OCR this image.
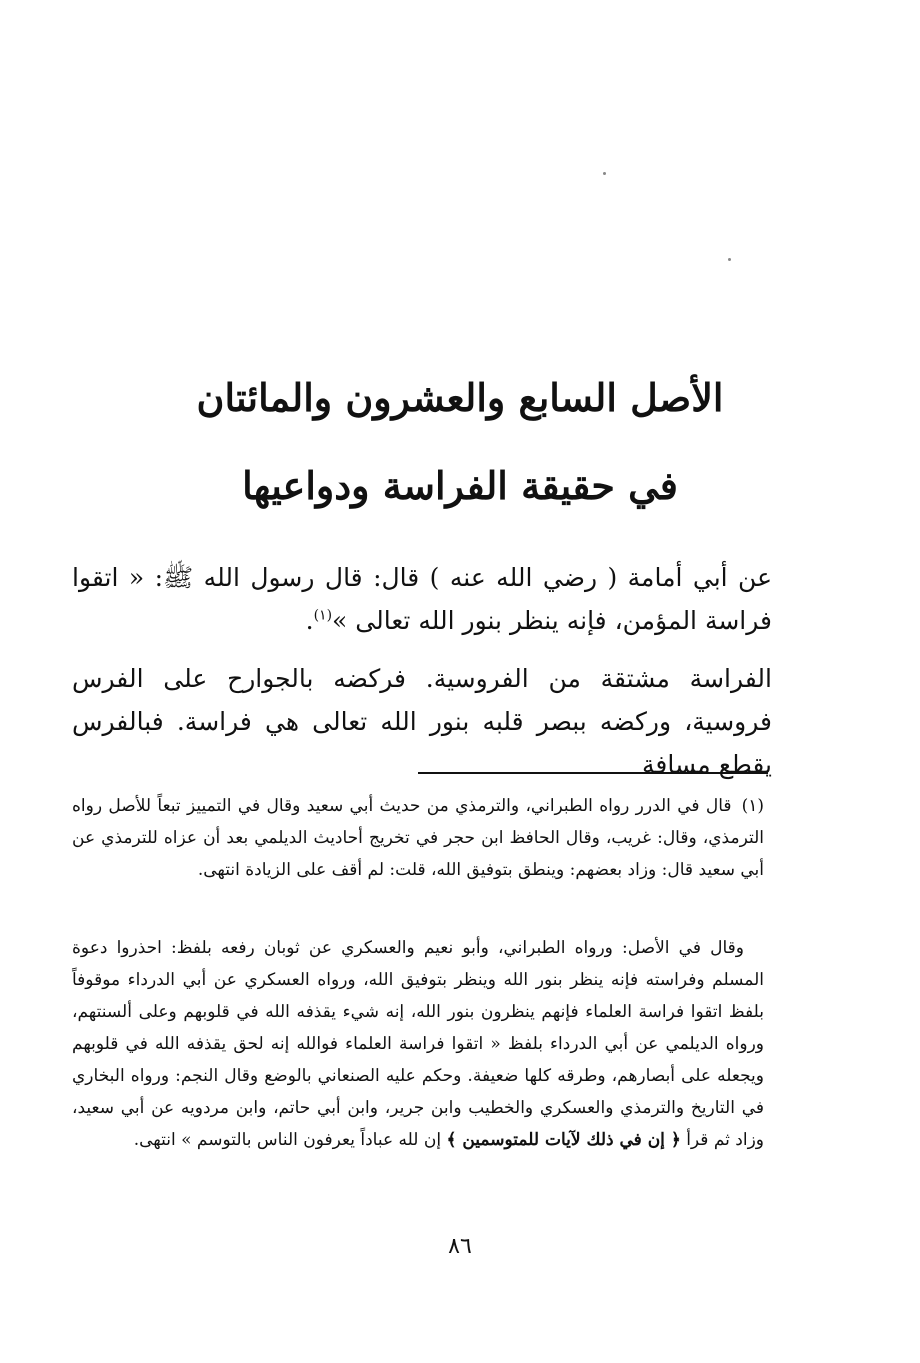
الأصل السابع والعشرون والمائتان
في حقيقة الفراسة ودواعيها

عن أبي أمامة ( رضي الله عنه ) قال: قال رسول الله ﷺ: « اتقوا فراسة المؤمن، فإنه ينظر بنور الله تعالى »$^{(١)}$.

الفراسة مشتقة من الفروسية. فركضه بالجوارح على الفرس فروسية، وركضه ببصر قلبه بنور الله تعالى هي فراسة. فبالفرس يقطع مسافة

(١)قال في الدرر رواه الطبراني، والترمذي من حديث أبي سعيد وقال في التمييز تبعاً للأصل رواه الترمذي، وقال: غريب، وقال الحافظ ابن حجر في تخريج أحاديث الديلمي بعد أن عزاه للترمذي عن أبي سعيد قال: وزاد بعضهم: وينطق بتوفيق الله، قلت: لم أقف على الزيادة انتهى.

وقال في الأصل: ورواه الطبراني، وأبو نعيم والعسكري عن ثوبان رفعه بلفظ: احذروا دعوة المسلم وفراسته فإنه ينظر بنور الله وينظر بتوفيق الله، ورواه العسكري عن أبي الدرداء موقوفاً بلفظ اتقوا فراسة العلماء فإنهم ينظرون بنور الله، إنه شيء يقذفه الله في قلوبهم وعلى ألسنتهم، ورواه الديلمي عن أبي الدرداء بلفظ « اتقوا فراسة العلماء فوالله إنه لحق يقذفه الله في قلوبهم ويجعله على أبصارهم، وطرقه كلها ضعيفة. وحكم عليه الصنعاني بالوضع وقال النجم: ورواه البخاري في التاريخ والترمذي والعسكري والخطيب وابن جرير، وابن أبي حاتم، وابن مردويه عن أبي سعيد، وزاد ثم قرأ ﴿ إن في ذلك لآيات للمتوسمين ﴾ إن لله عباداً يعرفون الناس بالتوسم » انتهى.

٨٦
